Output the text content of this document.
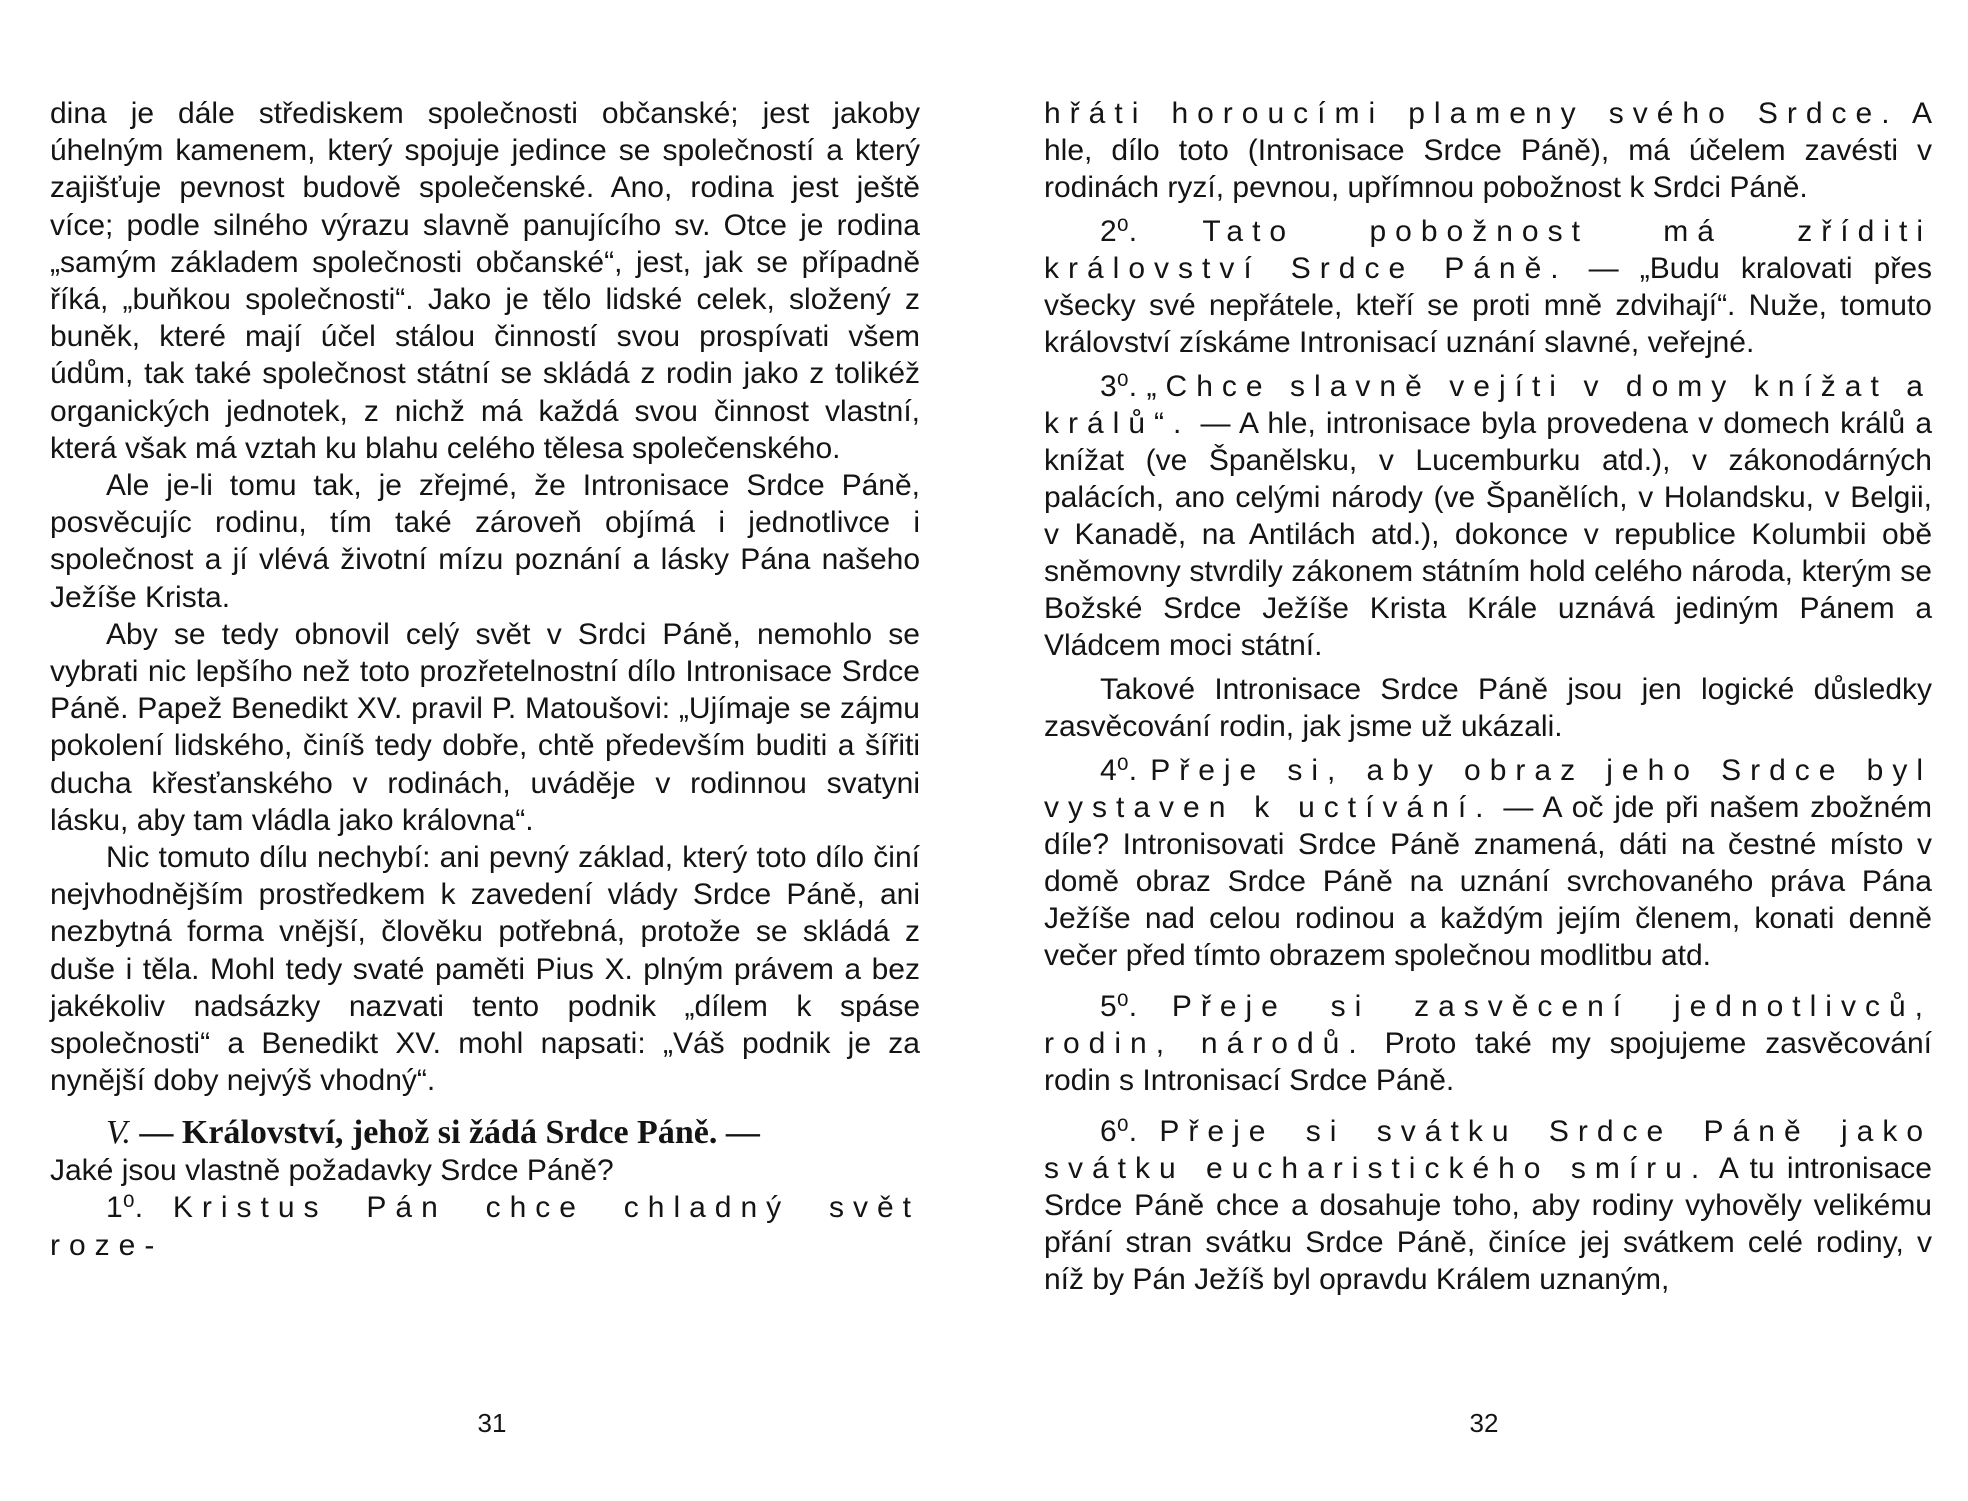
dina je dále střediskem společnosti občanské; jest jakoby úhelným kamenem, který spojuje jedince se společností a který zajišťuje pevnost budově společenské. Ano, rodina jest ještě více; podle silného výrazu slavně panujícího sv. Otce je rodina „samým základem společnosti občanské“, jest, jak se případně říká, „buňkou společnosti“. Jako je tělo lidské celek, složený z buněk, které mají účel stálou činností svou prospívati všem údům, tak také společnost státní se skládá z rodin jako z tolikéž organických jednotek, z nichž má každá svou činnost vlastní, která však má vztah ku blahu celého tělesa společenského.

Ale je-li tomu tak, je zřejmé, že Intronisace Srdce Páně, posvěcujíc rodinu, tím také zároveň objímá i jednotlivce i společnost a jí vlévá životní mízu poznání a lásky Pána našeho Ježíše Krista.

Aby se tedy obnovil celý svět v Srdci Páně, nemohlo se vybrati nic lepšího než toto prozřetelnostní dílo Intronisace Srdce Páně. Papež Benedikt XV. pravil P. Matoušovi: „Ujímaje se zájmu pokolení lidského, činíš tedy dobře, chtě především buditi a šířiti ducha křesťanského v rodinách, uváděje v rodinnou svatyni lásku, aby tam vládla jako královna“.

Nic tomuto dílu nechybí: ani pevný základ, který toto dílo činí nejvhodnějším prostředkem k zavedení vlády Srdce Páně, ani nezbytná forma vnější, člověku potřebná, protože se skládá z duše i těla. Mohl tedy svaté paměti Pius X. plným právem a bez jakékoliv nadsázky nazvati tento podnik „dílem k spáse společnosti“ a Benedikt XV. mohl napsati: „Váš podnik je za nynější doby nejvýš vhodný“.

V. — Království, jehož si žádá Srdce Páně. —

Jaké jsou vlastně požadavky Srdce Páně?

1⁰. Kristus Pán chce chladný svět roze-

31

hřáti horoucími plameny svého Srdce. A hle, dílo toto (Intronisace Srdce Páně), má účelem zavésti v rodinách ryzí, pevnou, upřímnou pobožnost k Srdci Páně.

2⁰. Tato pobožnost má zříditi království Srdce Páně. — „Budu kralovati přes všecky své nepřátele, kteří se proti mně zdvihají“. Nuže, tomuto království získáme Intronisací uznání slavné, veřejné.

3⁰. „Chce slavně vejíti v domy knížat a králů“. — A hle, intronisace byla provedena v domech králů a knížat (ve Španělsku, v Lucemburku atd.), v zákonodárných palácích, ano celými národy (ve Španělích, v Holandsku, v Belgii, v Kanadě, na Antilách atd.), dokonce v republice Kolumbii obě sněmovny stvrdily zákonem státním hold celého národa, kterým se Božské Srdce Ježíše Krista Krále uznává jediným Pánem a Vládcem moci státní.

Takové Intronisace Srdce Páně jsou jen logické důsledky zasvěcování rodin, jak jsme už ukázali.

4⁰. Přeje si, aby obraz jeho Srdce byl vystaven k uctívání. — A oč jde při našem zbožném díle? Intronisovati Srdce Páně znamená, dáti na čestné místo v domě obraz Srdce Páně na uznání svrchovaného práva Pána Ježíše nad celou rodinou a každým jejím členem, konati denně večer před tímto obrazem společnou modlitbu atd.

5⁰. Přeje si zasvěcení jednotlivců, rodin, národů. Proto také my spojujeme zasvěcování rodin s Intronisací Srdce Páně.

6⁰. Přeje si svátku Srdce Páně jako svátku eucharistického smíru. A tu intronisace Srdce Páně chce a dosahuje toho, aby rodiny vyhověly velikému přání stran svátku Srdce Páně, činíce jej svátkem celé rodiny, v níž by Pán Ježíš byl opravdu Králem uznaným,

32
